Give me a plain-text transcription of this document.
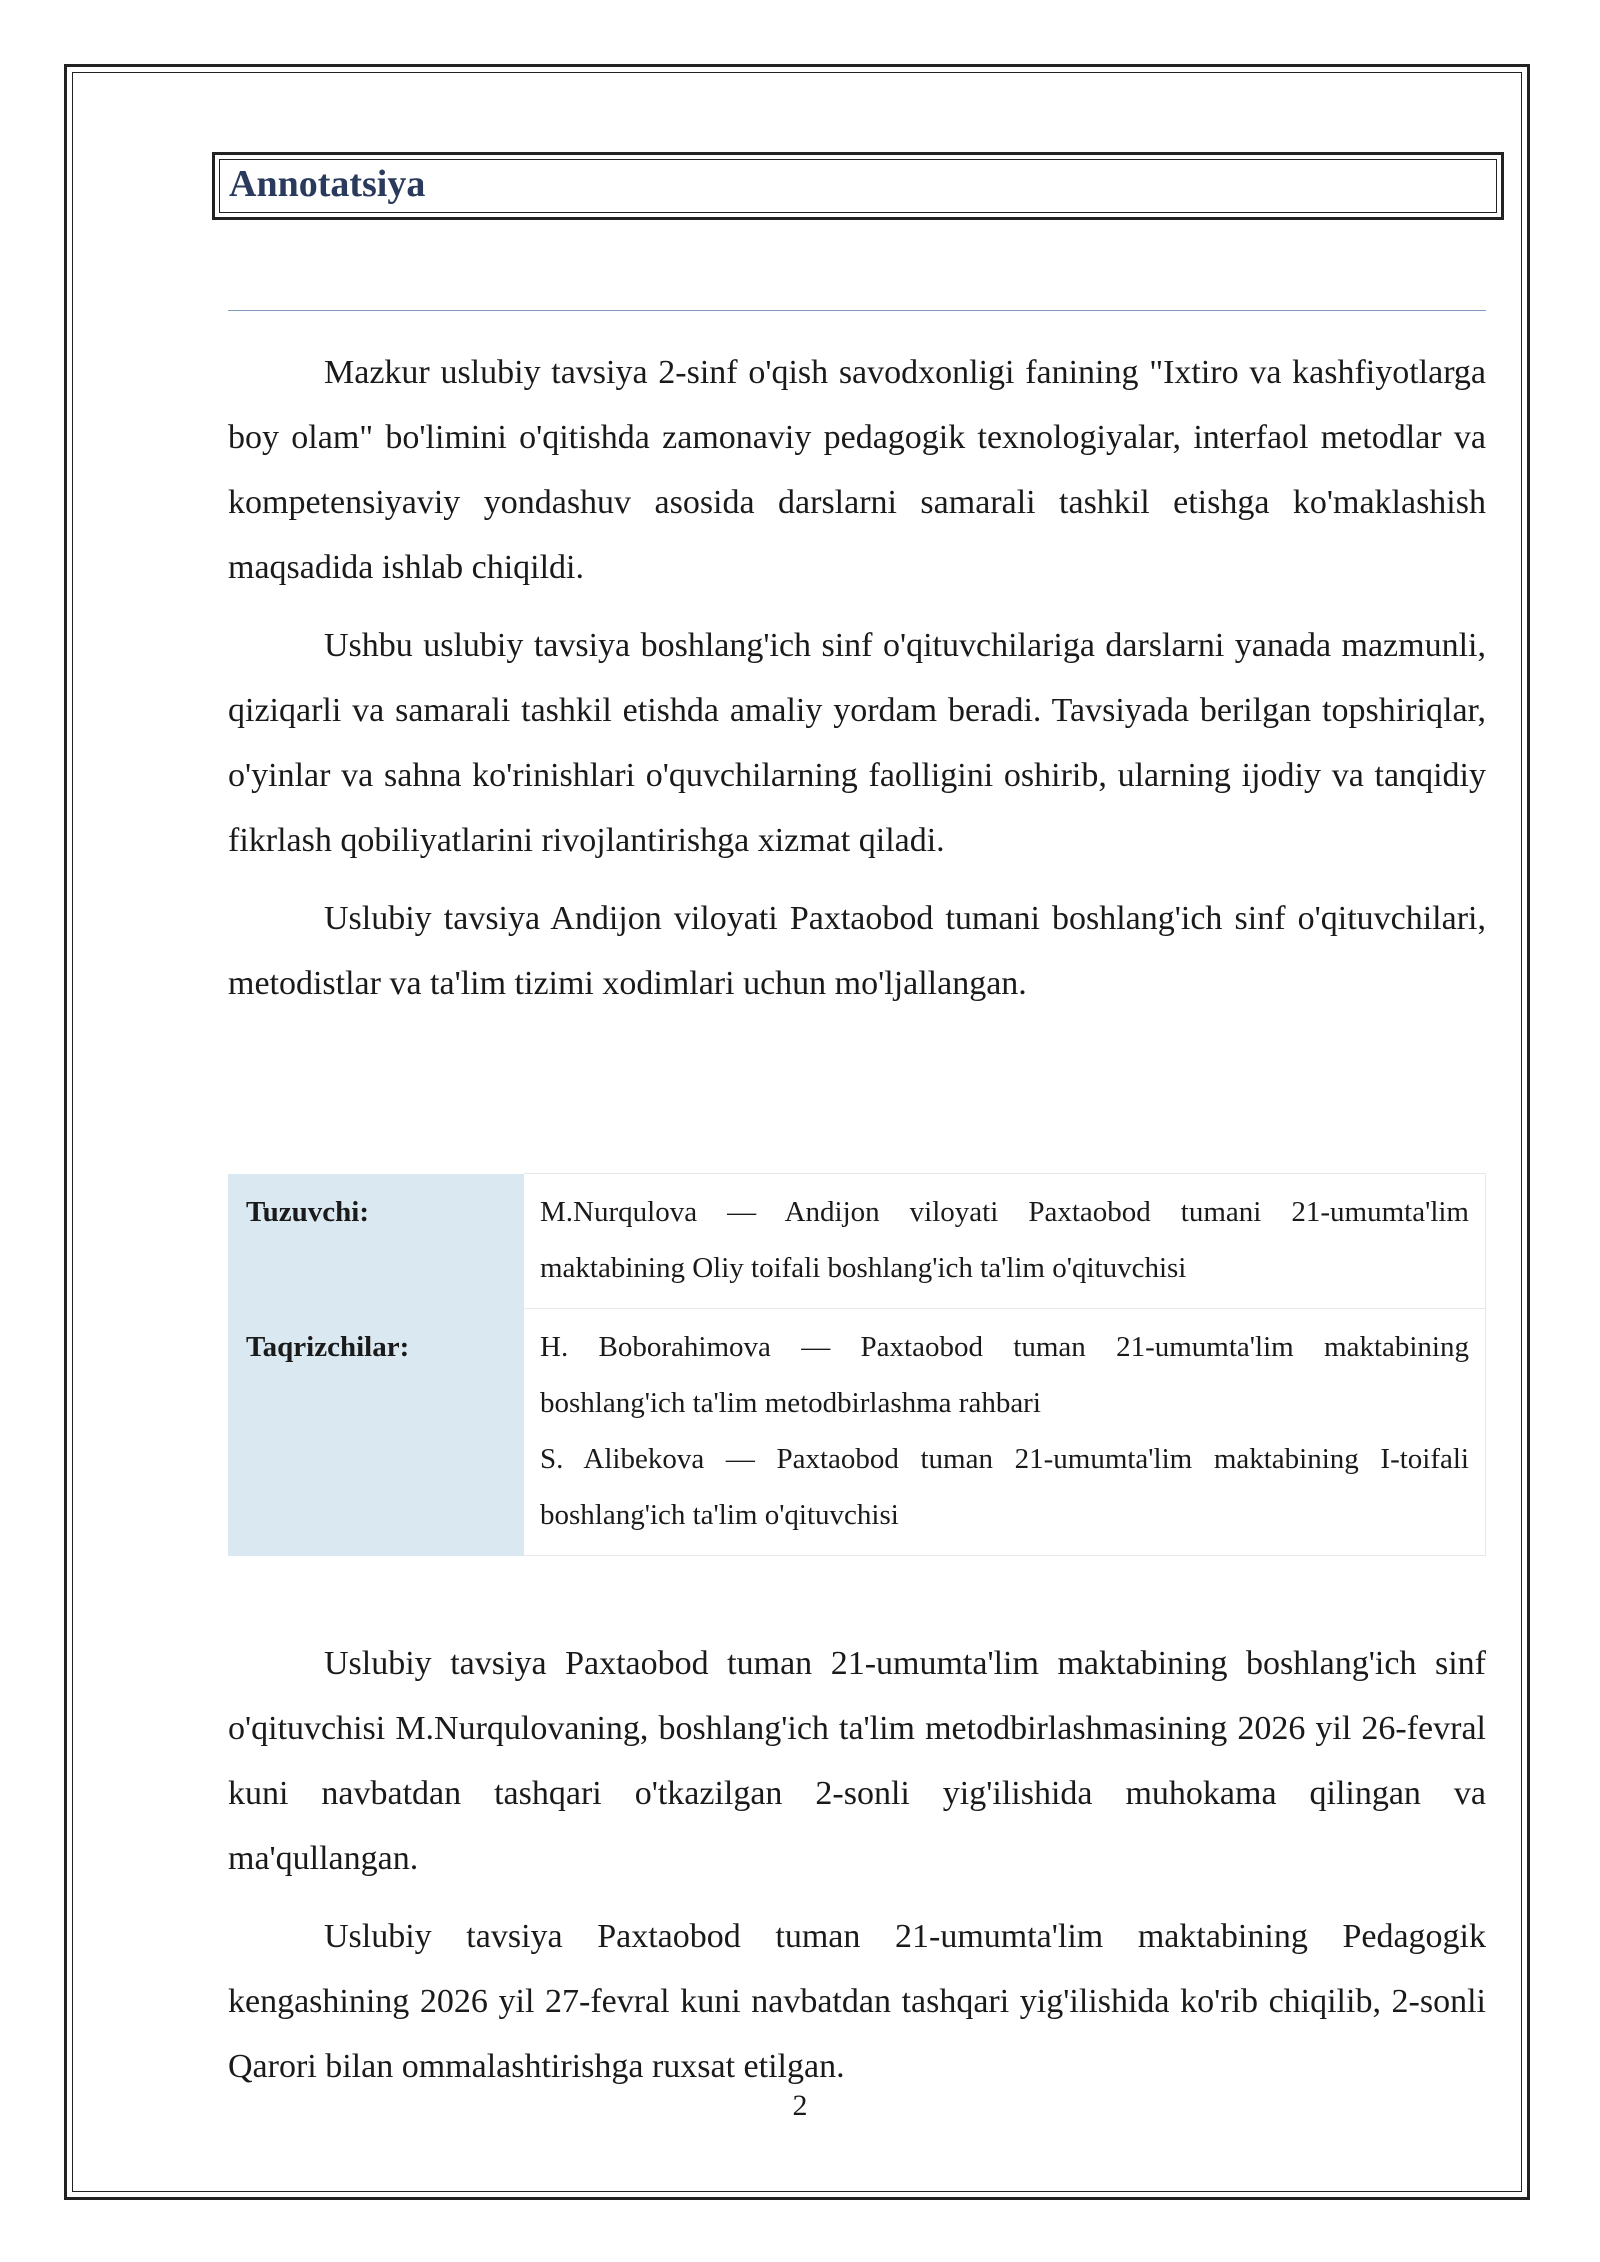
Annotatsiya

Mazkur uslubiy tavsiya 2-sinf o'qish savodxonligi fanining "Ixtiro va kashfiyotlarga boy olam" bo'limini o'qitishda zamonaviy pedagogik texnologiyalar, interfaol metodlar va kompetensiyaviy yondashuv asosida darslarni samarali tashkil etishga ko'maklashish maqsadida ishlab chiqildi.

Ushbu uslubiy tavsiya boshlang'ich sinf o'qituvchilariga darslarni yanada mazmunli, qiziqarli va samarali tashkil etishda amaliy yordam beradi. Tavsiyada berilgan topshiriqlar, o'yinlar va sahna ko'rinishlari o'quvchilarning faolligini oshirib, ularning ijodiy va tanqidiy fikrlash qobiliyatlarini rivojlantirishga xizmat qiladi.

Uslubiy tavsiya Andijon viloyati Paxtaobod tumani boshlang'ich sinf o'qituvchilari, metodistlar va ta'lim tizimi xodimlari uchun mo'ljallangan.

Tuzuvchi:	M.Nurqulova — Andijon viloyati Paxtaobod tumani 21-umumta'lim maktabining Oliy toifali boshlang'ich ta'lim o'qituvchisi

Taqrizchilar:	H. Boborahimova — Paxtaobod tuman 21-umumta'lim maktabining boshlang'ich ta'lim metodbirlashma rahbari
S. Alibekova — Paxtaobod tuman 21-umumta'lim maktabining I-toifali boshlang'ich ta'lim o'qituvchisi

Uslubiy tavsiya Paxtaobod tuman 21-umumta'lim maktabining boshlang'ich sinf o'qituvchisi M.Nurqulovaning, boshlang'ich ta'lim metodbirlashmasining 2026 yil 26-fevral kuni navbatdan tashqari o'tkazilgan 2-sonli yig'ilishida muhokama qilingan va ma'qullangan.

Uslubiy tavsiya Paxtaobod tuman 21-umumta'lim maktabining Pedagogik kengashining 2026 yil 27-fevral kuni navbatdan tashqari yig'ilishida ko'rib chiqilib, 2-sonli Qarori bilan ommalashtirishga ruxsat etilgan.

2
